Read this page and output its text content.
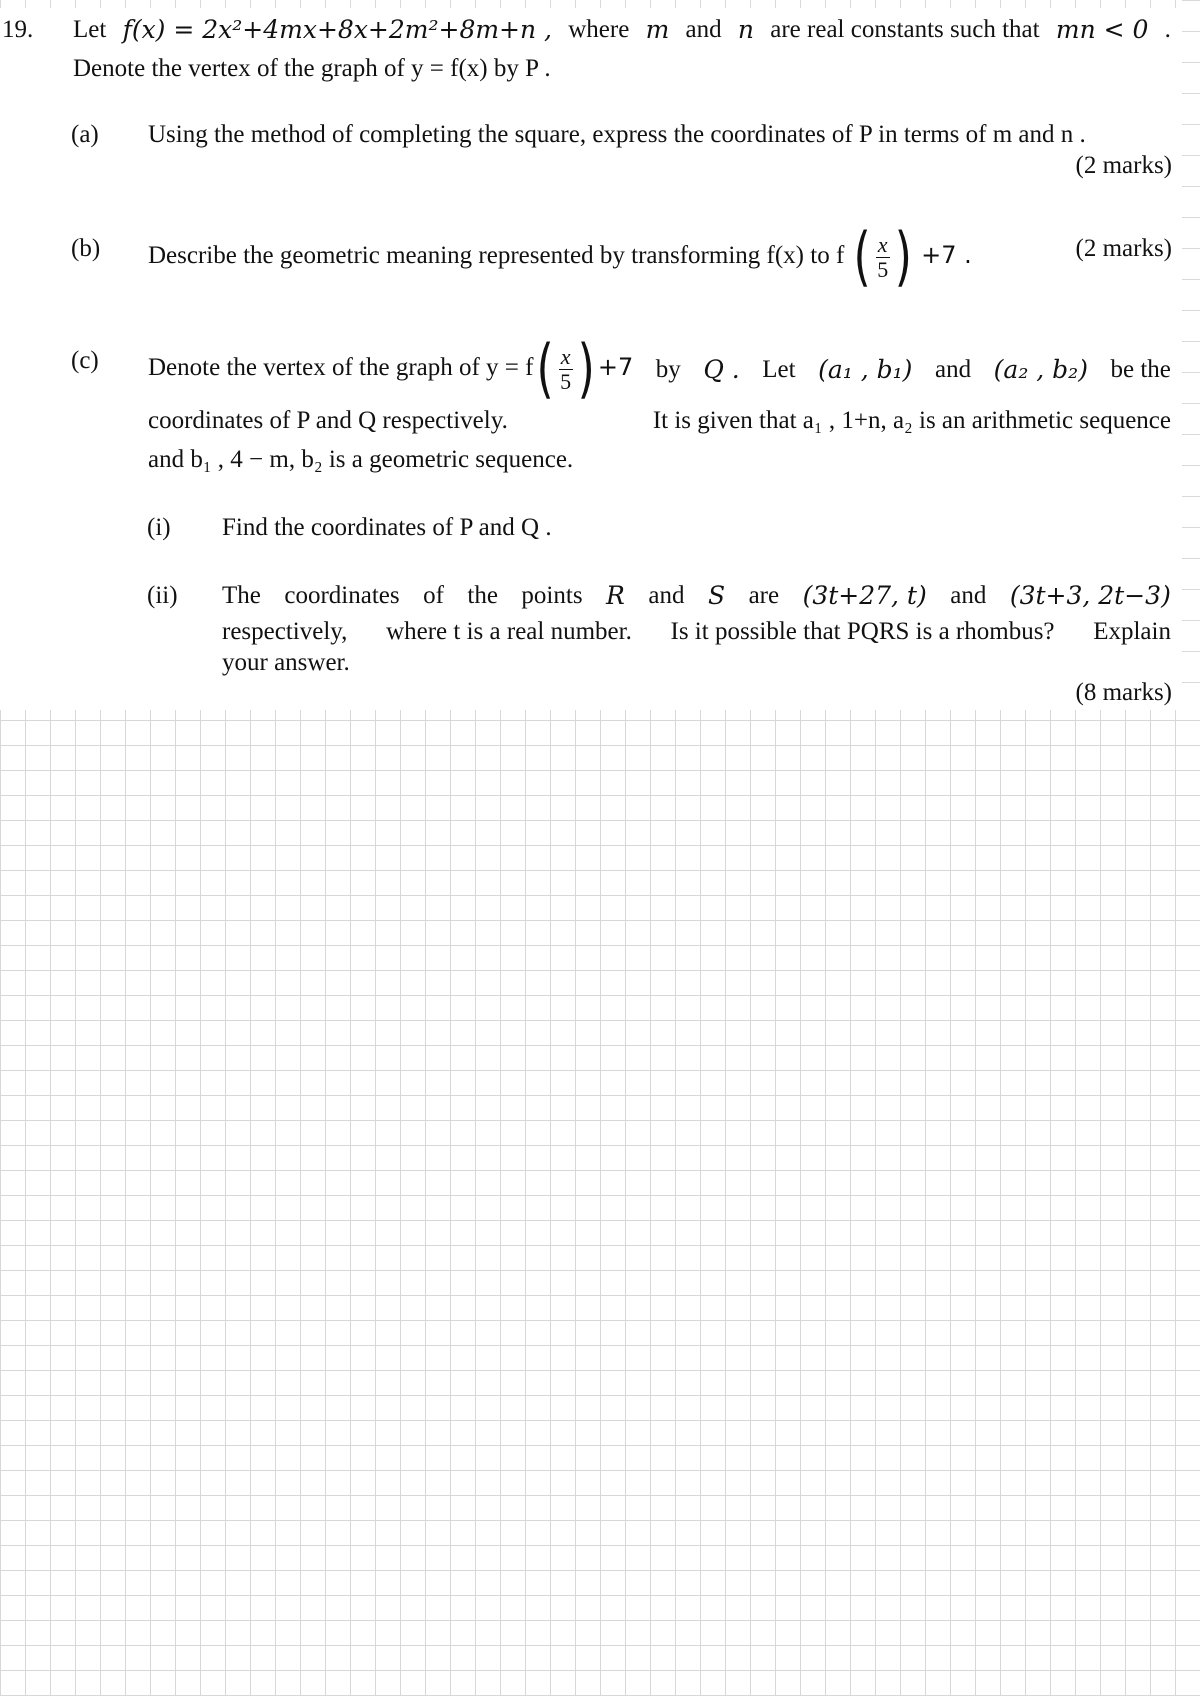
19. Let f(x) = 2x²+4mx+8x+2m²+8m+n , where m and n are real constants such that mn < 0 .
Denote the vertex of the graph of y = f(x) by P .
(a) Using the method of completing the square, express the coordinates of P in terms of m and n .
(2 marks)
(b) Describe the geometric meaning represented by transforming f(x) to f ( $\frac{x}{5}$ ) +7 .	(2 marks)
(c) Denote the vertex of the graph of y = f ( $\frac{x}{5}$ ) +7 by Q . Let (a₁ , b₁) and (a₂ , b₂) be the
coordinates of P and Q respectively.	It is given that a₁ , 1+n, a₂ is an arithmetic sequence
and b₁ , 4 − m, b₂ is a geometric sequence.
(i) Find the coordinates of P and Q .
(ii) The coordinates of the points R and S are (3t+27, t) and (3t+3, 2t−3)
respectively, where t is a real number. Is it possible that PQRS is a rhombus? Explain
your answer.
(8 marks)
